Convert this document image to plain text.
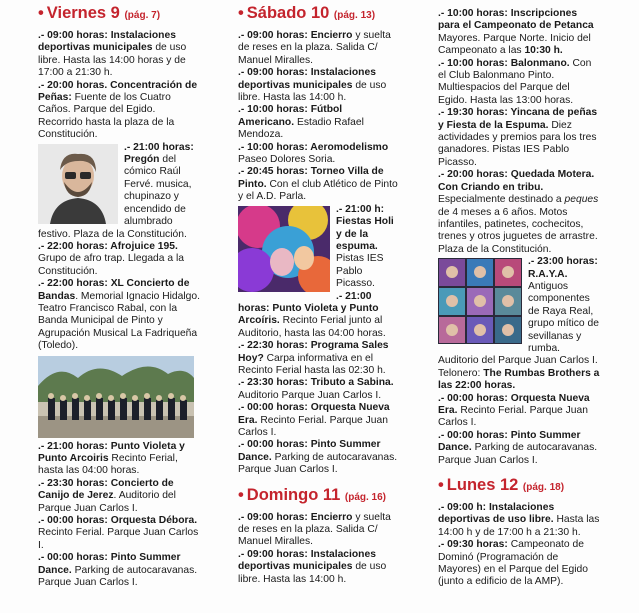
• Viernes 9 (pág. 7)

.- 09:00 horas: Instalaciones deportivas municipales de uso libre. Hasta las 14:00 horas y de 17:00 a 21:30 h.

.- 20:00 horas. Concentración de Peñas: Fuente de los Cuatro Caños. Parque del Egido. Recorrido hasta la plaza de la Constitución.

.- 21:00 horas: Pregón del cómico Raúl Fervé. musica, chupinazo y encendido de alumbrado festivo. Plaza de la Constitución.

.- 22:00 horas: Afrojuice 195. Grupo de afro trap. Llegada a la Constitución.

.- 22:00 horas: XL Concierto de Bandas. Memorial Ignacio Hidalgo. Teatro Francisco Rabal, con la Banda Municipal de Pinto y Agrupación Musical La Fadriqueña (Toledo).

.- 21:00 horas: Punto Violeta y Punto Arcoiris Recinto Ferial, hasta las 04:00 horas.

.- 23:30 horas: Concierto de Canijo de Jerez. Auditorio del Parque Juan Carlos I.

.- 00:00 horas: Orquesta Débora. Recinto Ferial. Parque Juan Carlos I.

.- 00:00 horas: Pinto Summer Dance. Parking de autocaravanas. Parque Juan Carlos I.

• Sábado 10 (pág. 13)

.- 09:00 horas: Encierro y suelta de reses en la plaza. Salida C/ Manuel Miralles.

.- 09:00 horas: Instalaciones deportivas municipales de uso libre. Hasta las 14:00 h.

.- 10:00 horas: Fútbol Americano. Estadio Rafael Mendoza.

.- 10:00 horas: Aeromodelismo Paseo Dolores Soria.

.- 20:45 horas: Torneo Villa de Pinto. Con el club Atlético de Pinto y el A.D. Parla.

.- 21:00 h: Fiestas Holi y de la espuma. Pistas IES Pablo Picasso.

.- 21:00 horas: Punto Violeta y Punto Arcoíris. Recinto Ferial junto al Auditorio, hasta las 04:00 horas.

.- 22:30 horas: Programa Sales Hoy? Carpa informativa en el Recinto Ferial hasta las 02:30 h.

.- 23:30 horas: Tributo a Sabina. Auditorio Parque Juan Carlos I.

.- 00:00 horas: Orquesta Nueva Era. Recinto Ferial. Parque Juan Carlos I.

.- 00:00 horas: Pinto Summer Dance. Parking de autocaravanas. Parque Juan Carlos I.

• Domingo 11 (pág. 16)

.- 09:00 horas: Encierro y suelta de reses en la plaza. Salida C/ Manuel Miralles.

.- 09:00 horas: Instalaciones deportivas municipales de uso libre. Hasta las 14:00 h.

.- 10:00 horas: Inscripciones para el Campeonato de Petanca Mayores. Parque Norte. Inicio del Campeonato a las 10:30 h.

.- 10:00 horas: Balonmano. Con el Club Balonmano Pinto. Multiespacios del Parque del Egido. Hasta las 13:00 horas.

.- 19:30 horas: Yincana de peñas y Fiesta de la Espuma. Diez actividades y premios para los tres ganadores. Pistas IES Pablo Picasso.

.- 20:00 horas: Quedada Motera. Con Criando en tribu. Especialmente destinado a peques de 4 meses a 6 años. Motos infantiles, patinetes, cochecitos, trenes y otros juguetes de arrastre. Plaza de la Constitución.

.- 23:00 horas: R.A.Y.A. Antiguos componentes de Raya Real, grupo mítico de sevillanas y rumba. Auditorio del Parque Juan Carlos I. Telonero: The Rumbas Brothers a las 22:00 horas.

.- 00:00 horas: Orquesta Nueva Era. Recinto Ferial. Parque Juan Carlos I.

.- 00:00 horas: Pinto Summer Dance. Parking de autocaravanas. Parque Juan Carlos I.

• Lunes 12 (pág. 18)

.- 09:00 h: Instalaciones deportivas de uso libre. Hasta las 14:00 h y de 17:00 h a 21:30 h.

.- 09:30 horas: Campeonato de Dominó (Programación de Mayores) en el Parque del Egido (junto a edificio de la AMP).
